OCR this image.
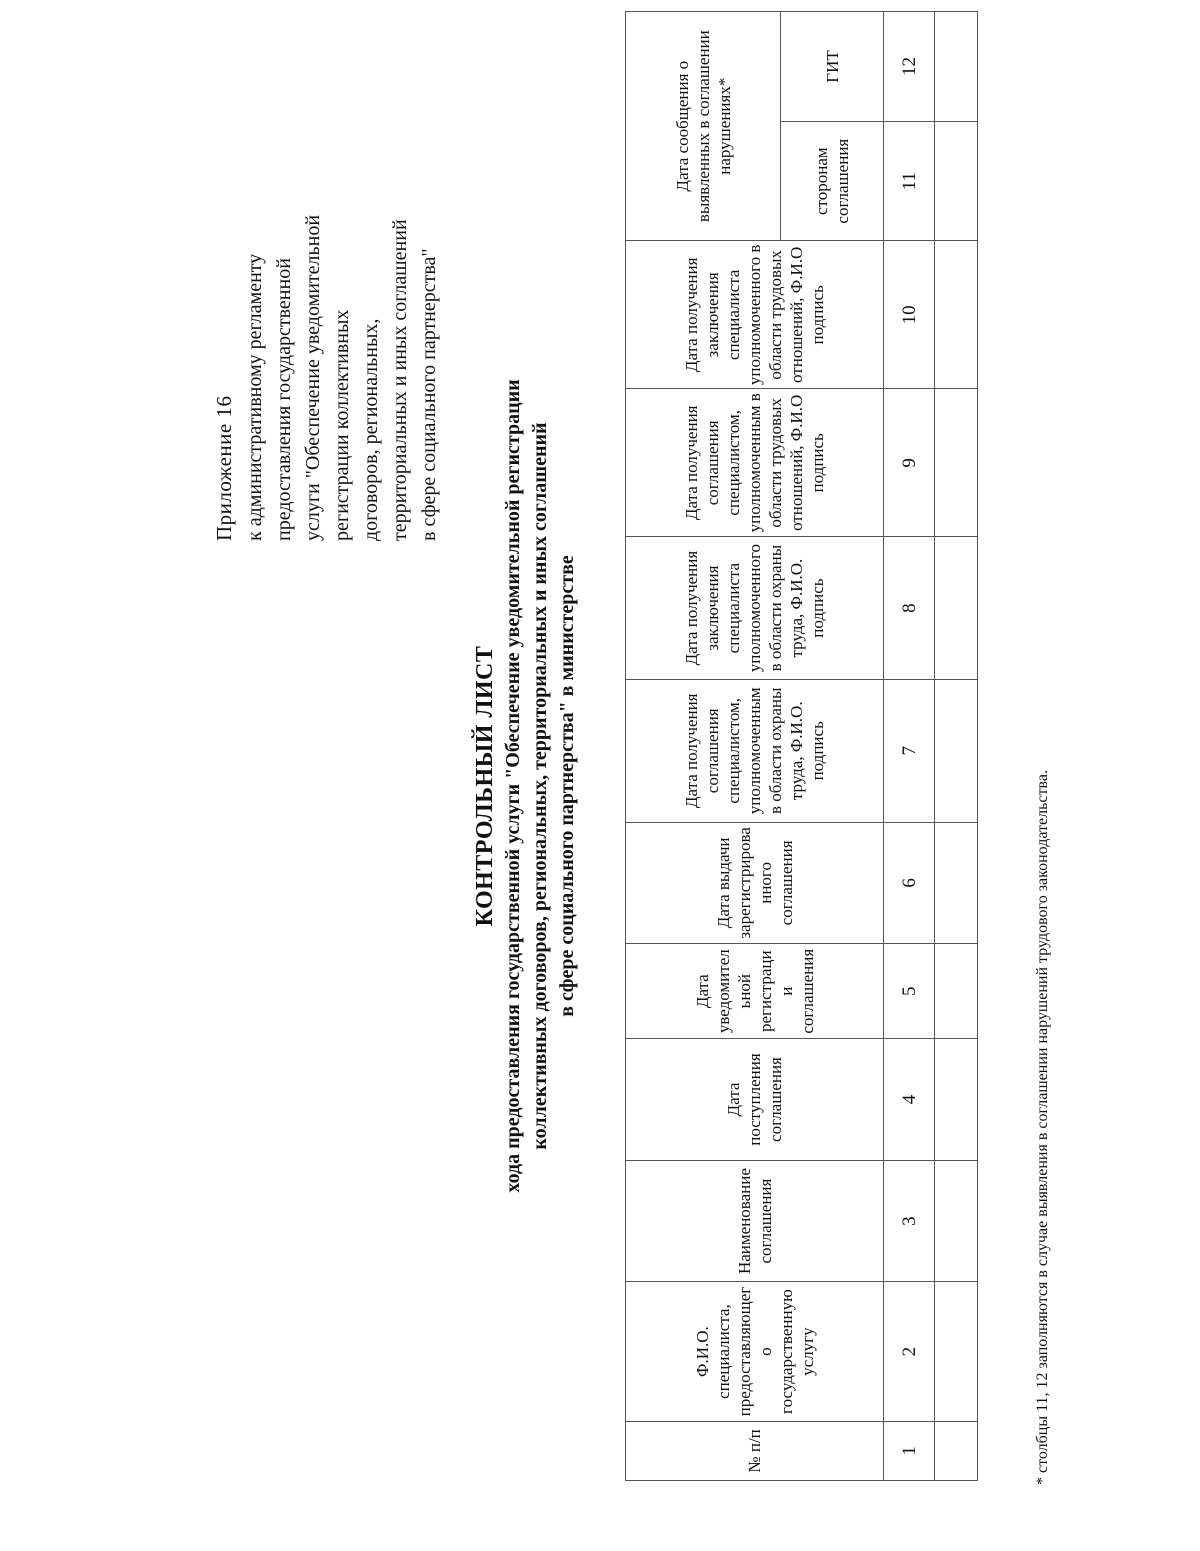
Приложение 16 к административному регламенту предоставления государственной услуги "Обеспечение уведомительной регистрации коллективных договоров, региональных, территориальных и иных соглашений в сфере социального партнерства"
КОНТРОЛЬНЫЙ ЛИСТ хода предоставления государственной услуги "Обеспечение уведомительной регистрации коллективных договоров, региональных, территориальных и иных соглашений в сфере социального партнерства" в министерстве
№ п/п	Ф.И.О. специалиста, предоставляющего государственную услугу	Наименование соглашения	Дата поступления соглашения	Дата уведомительной регистрации соглашения	Дата выдачи зарегистрированного соглашения	Дата получения соглашения специалистом, уполномоченным в области охраны труда, Ф.И.О. подпись	Дата получения заключения специалиста уполномоченного в области охраны труда, Ф.И.О. подпись	Дата получения соглашения специалистом, уполномоченным в области трудовых отношений, Ф.И.О подпись	Дата получения заключения специалиста уполномоченного в области трудовых отношений, Ф.И.О подпись	Дата сообщения о выявленных в соглашении нарушениях*	
										сторонам соглашения	ГИТ
1	2	3	4	5	6	7	8	9	10	11	12

* столбцы 11, 12 заполняются в случае выявления в соглашении нарушений трудового законодательства.
